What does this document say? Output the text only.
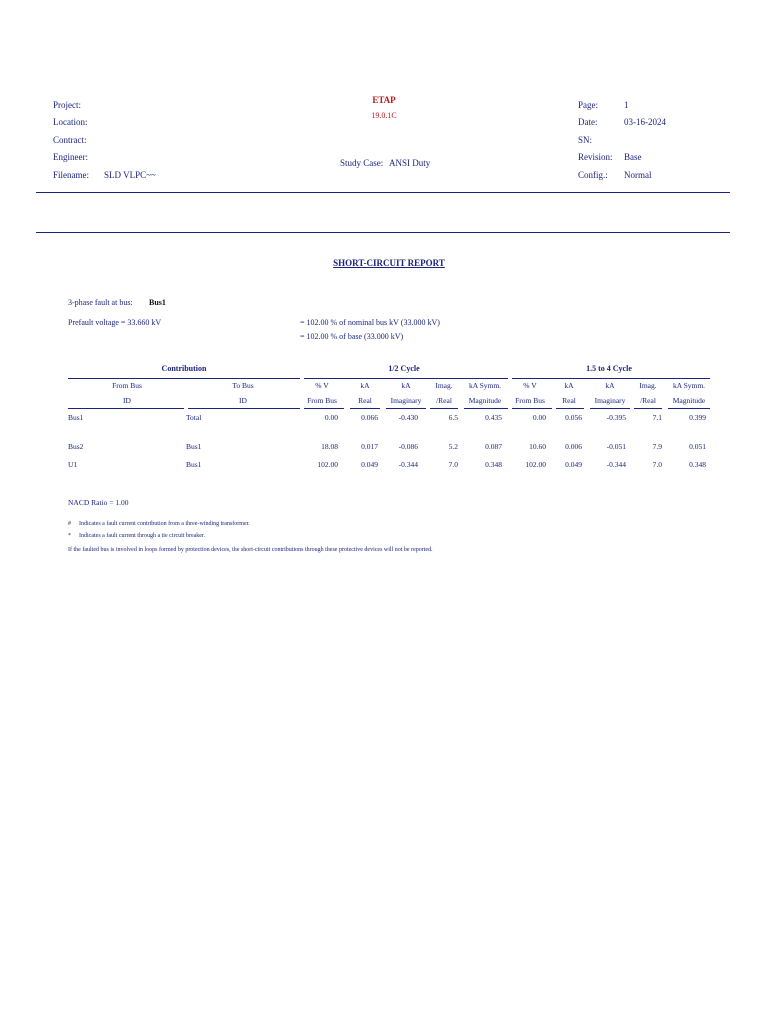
Project:
Location:
Contract:
Engineer:
Filename: SLD VLPC~~
ETAP
19.0.1C
Study Case: ANSI Duty
Page:	1
Date:	03-16-2024
SN:
Revision: Base
Config.: Normal
SHORT-CIRCUIT REPORT
3-phase fault at bus: Bus1
Prefault voltage = 33.660 kV	= 102.00 % of nominal bus kV (33.000 kV)
= 102.00 % of base (33.000 kV)
Contribution	1/2 Cycle	1.5 to 4 Cycle
From Bus	To Bus	% V	kA	kA	Imag.	kA Symm.	% V	kA	kA	Imag.	kA Symm.
ID	ID	From Bus	Real	Imaginary	/Real	Magnitude	From Bus	Real	Imaginary	/Real	Magnitude
Bus1	Total	0.00	0.066	-0.430	6.5	0.435	0.00	0.056	-0.395	7.1	0.399
Bus2	Bus1	18.08	0.017	-0.086	5.2	0.087	10.60	0.006	-0.051	7.9	0.051
U1	Bus1	102.00	0.049	-0.344	7.0	0.348	102.00	0.049	-0.344	7.0	0.348
NACD Ratio = 1.00
# Indicates a fault current contribution from a three-winding transformer.
* Indicates a fault current through a tie circuit breaker.
If the faulted bus is involved in loops formed by protection devices, the short-circuit contributions through these protective devices will not be reported.
